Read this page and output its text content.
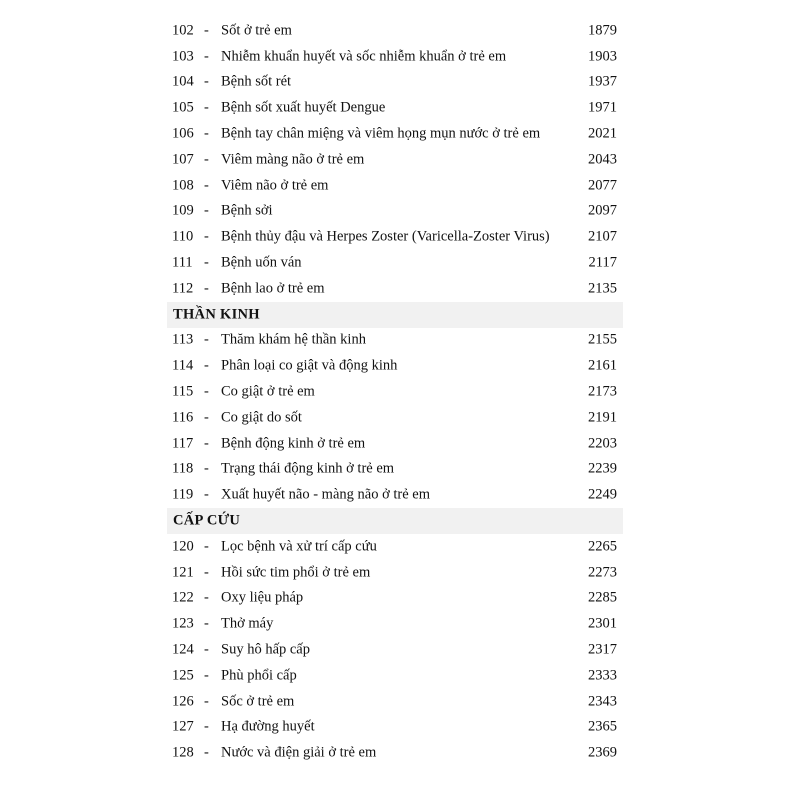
102 - Sốt ở trẻ em	1879
103 - Nhiễm khuẩn huyết và sốc nhiễm khuẩn ở trẻ em	1903
104 - Bệnh sốt rét	1937
105 - Bệnh sốt xuất huyết Dengue	1971
106 - Bệnh tay chân miệng và viêm họng mụn nước ở trẻ em	2021
107 - Viêm màng não ở trẻ em	2043
108 - Viêm não ở trẻ em	2077
109 - Bệnh sởi	2097
110 - Bệnh thủy đậu và Herpes Zoster (Varicella-Zoster Virus)	2107
111 - Bệnh uốn ván	2117
112 - Bệnh lao ở trẻ em	2135
THẦN KINH
113 - Thăm khám hệ thần kinh	2155
114 - Phân loại co giật và động kinh	2161
115 - Co giật ở trẻ em	2173
116 - Co giật do sốt	2191
117 - Bệnh động kinh ở trẻ em	2203
118 - Trạng thái động kinh ở trẻ em	2239
119 - Xuất huyết não - màng não ở trẻ em	2249
CẤP CỨU
120 - Lọc bệnh và xử trí cấp cứu	2265
121 - Hồi sức tim phổi ở trẻ em	2273
122 - Oxy liệu pháp	2285
123 - Thở máy	2301
124 - Suy hô hấp cấp	2317
125 - Phù phổi cấp	2333
126 - Sốc ở trẻ em	2343
127 - Hạ đường huyết	2365
128 - Nước và điện giải ở trẻ em	2369
